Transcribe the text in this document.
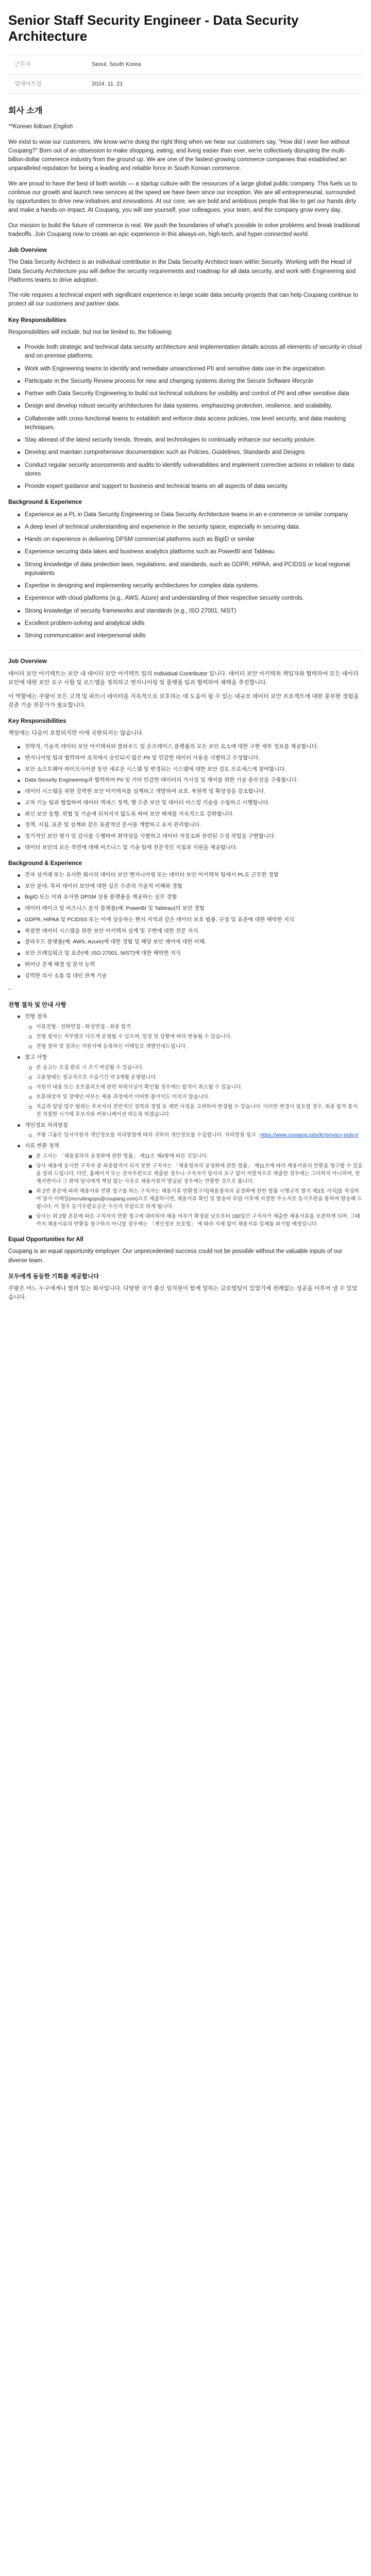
Senior Staff Security Engineer - Data Security Architecture
근무지	Seoul, South Korea
업데이트일	2024. 11. 21
회사 소개

**Korean follows English

We exist to wow our customers. We know we're doing the right thing when we hear our customers say, "How did I ever live without Coupang?" Born out of an obsession to make shopping, eating, and living easier than ever, we're collectively disrupting the multi-billion-dollar commerce industry from the ground up. We are one of the fastest-growing commerce companies that established an unparalleled reputation for being a leading and reliable force in South Korean commerce.

We are proud to have the best of both worlds — a startup culture with the resources of a large global public company. This fuels us to continue our growth and launch new services at the speed we have been since our inception. We are all entrepreneurial, surrounded by opportunities to drive new initiatives and innovations. At our core, we are bold and ambitious people that like to get our hands dirty and make a hands-on impact. At Coupang, you will see yourself, your colleagues, your team, and the company grow every day.

Our mission to build the future of commerce is real. We push the boundaries of what's possible to solve problems and break traditional tradeoffs. Join Coupang now to create an epic experience in this always-on, high-tech, and hyper-connected world.

Job Overview

The Data Security Architect is an individual contributor in the Data Security Architect team within Security. Working with the Head of Data Security Architecture you will define the security requirements and roadmap for all data security, and work with Engineering and Platforms teams to drive adoption.

The role requires a technical expert with significant experience in large scale data security projects that can help Coupang continue to protect all our customers and partner data.

Key Responsibilities

Responsibilities will include, but not be limited to, the following:

Provide both strategic and technical data security architecture and implementation details across all elements of security in cloud and on-premise platforms.
Work with Engineering teams to identify and remediate unsanctioned PII and sensitive data use in the organization
Participate in the Security Review process for new and changing systems during the Secure Software lifecycle
Partner with Data Security Engineering to build out technical solutions for visibility and control of PII and other sensitive data
Design and develop robust security architectures for data systems, emphasizing protection, resilience, and scalability.
Collaborate with cross-functional teams to establish and enforce data access policies, row level security, and data masking techniques.
Stay abreast of the latest security trends, threats, and technologies to continually enhance our security posture.
Develop and maintain comprehensive documentation such as Policies, Guidelines, Standards and Designs
Conduct regular security assessments and audits to identify vulnerabilities and implement corrective actions in relation to data stores
Provide expert guidance and support to business and technical teams on all aspects of data security.
Background & Experience
Experience as a PL in Data Security Engineering or Data Security Architecture teams in an e-commerce or similar company
A deep level of technical understanding and experience in the security space, especially in securing data.
Hands on experience in delivering DPSM commercial platforms such as BigID or similar
Experience securing data lakes and business analytics platforms such as PowerBI and Tableau
Strong knowledge of data protection laws, regulations, and standards, such as GDPR, HIPAA, and PCIDSS or local regional equivalents
Expertise in designing and implementing security architectures for complex data systems.
Experience with cloud platforms (e.g., AWS, Azure) and understanding of their respective security controls.
Strong knowledge of security frameworks and standards (e.g., ISO 27001, NIST)
Excellent problem-solving and analytical skills
Strong communication and interpersonal skills
Job Overview

데이터 보안 아키텍트는 보안 내 데이터 보안 아키텍트 팀의 Individual Contributor 입니다. 데이터 보안 아키텍처 책임자와 협력하여 모든 데이터 보안에 대한 보안 요구 사항 및 로드맵을 정의하고 엔지니어링 및 플랫폼 팀과 협력하여 채택을 추진합니다.

이 역할에는 쿠팡이 모든 고객 및 파트너 데이터를 지속적으로 보호하는 데 도움이 될 수 있는 대규모 데이터 보안 프로젝트에 대한 풍부한 경험을 갖춘 기술 전문가가 필요합니다.

Key Responsibilities

책임에는 다음이 포함되지만 이에 국한되지는 않습니다.

전략적, 기술적 데이터 보안 아키텍처와 클라우드 및 온프레미스 플랫폼의 모든 보안 요소에 대한 구현 세부 정보를 제공합니다.
엔지니어링 팀과 협력하여 조직에서 승인되지 않은 PII 및 민감한 데이터 사용을 식별하고 수정합니다.
보안 소프트웨어 라이프사이클 동안 새로운 시스템 및 변경되는 시스템에 대한 보안 검토 프로세스에 참여합니다.
Data Security Engineering과 협력하여 PII 및 기타 민감한 데이터의 가시성 및 제어를 위한 기술 솔루션을 구축합니다.
데이터 시스템을 위한 강력한 보안 아키텍처를 설계하고 개발하여 보호, 복원력 및 확장성을 강조합니다.
교차 기능 팀과 협업하여 데이터 액세스 정책, 행 수준 보안 및 데이터 마스킹 기술을 수립하고 시행합니다.
최신 보안 동향, 위협 및 기술에 뒤처지지 않도록 하여 보안 태세를 지속적으로 강화합니다.
정책, 지침, 표준 및 설계와 같은 포괄적인 문서를 개발하고 유지 관리합니다.
정기적인 보안 평가 및 감사를 수행하여 취약성을 식별하고 데이터 저장소와 관련된 수정 작업을 구현합니다.
데이터 보안의 모든 측면에 대해 비즈니스 및 기술 팀에 전문적인 지침과 지원을 제공합니다.
Background & Experience
전자 상거래 또는 유사한 회사의 데이터 보안 엔지니어링 또는 데이터 보안 아키텍처 팀에서 PL로 근무한 경험
보안 분야, 특히 데이터 보안에 대한 깊은 수준의 기술적 이해와 경험
BigID 또는 이와 유사한 DPSM 상용 플랫폼을 제공하는 실무 경험
데이터 레이크 및 비즈니스 분석 플랫폼(예: PowerBI 및 Tableau)의 보안 경험
GDPR, HIPAA 및 PCIDSS 또는 이에 상응하는 현지 지역과 같은 데이터 보호 법률, 규정 및 표준에 대한 해박한 지식
복잡한 데이터 시스템을 위한 보안 아키텍처 설계 및 구현에 대한 전문 지식.
클라우드 플랫폼(예: AWS, Azure)에 대한 경험 및 해당 보안 제어에 대한 이해.
보안 프레임워크 및 표준(예: ISO 27001, NIST)에 대한 해박한 지식
뛰어난 문제 해결 및 분석 능력
강력한 의사 소통 및 대인 관계 기술
--
전형 절차 및 안내 사항
전형 절차
서류전형 - 전화면접 - 화상면접 - 최종 합격
전형 절차는 직무별로 다르게 운영될 수 있으며, 일정 및 상황에 따라 변동될 수 있습니다.
전형 절차 및 결과는 지원서에 등록하신 이메일로 개별안내드립니다.
참고 사항
본 공고는 모집 완료 시 조기 마감될 수 있습니다.
고용형태는 정규직으로 수습기간 약 3개월 운영합니다.
지원서 내용 또는 포트폴리오에 관련 허위사실이 확인될 경우에는 합격이 취소될 수 있습니다.
보훈대상자 및 장애인 여부는 채용 과정에서 어떠한 불이익도 미치지 않습니다.
직급과 담당 업무 범위는 후보자의 전반적인 경력과 경험 등 제반 사정을 고려하여 변경될 수 있습니다. 이러한 변경이 필요할 경우, 최종 합격 통지 전 적절한 시기에 후보자와 커뮤니케이션 하도록 하겠습니다.
개인정보 처리방침
쿠팡 그룹은 입사지원자 개인정보를 처리방침에 따라 귀하의 개인정보를 수집합니다. 처리방침 링크 : https://www.coupang.jobs/kr/privacy-policy/
서류 반환 정책
본 고지는 「채용절차의 공정화에 관한 법률」 제11조 제6항에 따른 것입니다.
당사 채용에 응시한 구직자 중 최종합격이 되지 못한 구직자는 「채용절차의 공정화에 관한 법률」 제11조에 따라 채용서류의 반환을 청구할 수 있음을 알려 드립니다. 다만, 홈페이지 또는 전자우편으로 제출된 경우나 구직자가 당사의 요구 없이 자발적으로 제출한 경우에는 그러하지 아니하며, 천재지변이나 그 밖에 당사에게 책임 없는 사유로 채용서류가 멸실된 경우에는 반환한 것으로 봅니다.
위 2번 본문에 따라 채용서류 반환 청구를 하는 구직자는 채용서류 반환청구서[채용절차의 공정화에 관한 법률 시행규칙 별지 제3호 서식]를 작성하여 당사 이메일(recruitingops@coupang.com)으로 제출하시면, 채용서류 확인 및 발송비 부담 이후에 지정한 주소지로 등기우편을 통하여 발송해 드립니다. 이 경우 등기우편요금은 수신자 부담으로 하게 됩니다.
당사는 위 2항 본문에 따른 구직자의 반환 청구에 대비하여 채용 여부가 확정된 날로부터 180일간 구직자가 제출한 채용서류를 보관하게 되며, 그때까지 채용서류의 반환을 청구하지 아니할 경우에는 「개인정보 보호법」 에 따라 지체 없이 채용서류 일체를 파기할 예정입니다.
Equal Opportunities for All

Coupang is an equal opportunity employer. Our unprecedented success could not be possible without the valuable inputs of our diverse team.

모두에게 동등한 기회를 제공합니다

쿠팡은 어느 누구에게나 열려 있는 회사입니다. 다양한 국가 출신 임직원이 함께 일하는 글로벌팀이 있었기에 전례없는 성공을 이루어 낼 수 있었습니다.
